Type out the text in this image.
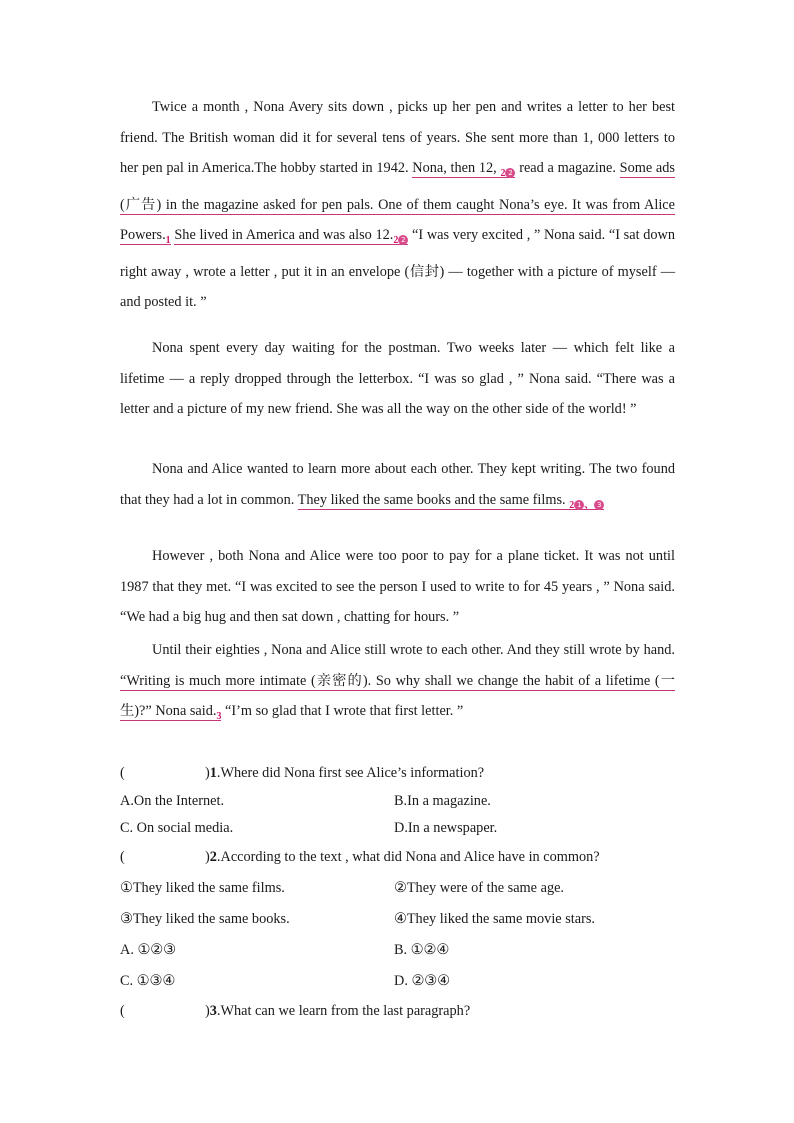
Twice a month , Nona Avery sits down , picks up her pen and writes a letter to her best friend. The British woman did it for several tens of years. She sent more than 1, 000 letters to her pen pal in America.The hobby started in 1942. Nona, then 12, $_2$ 2 read a magazine. Some ads (广告) in the magazine asked for pen pals. One of them caught Nona’s eye. It was from Alice $Powers._1$ She lived in America and was also $12._2$ 2 “I was very excited , ” Nona said. “I sat down right away , wrote a letter , put it in an envelope (信封) — together with a picture of myself — and posted it. ”

Nona spent every day waiting for the postman. Two weeks later — which felt like a lifetime — a reply dropped through the letterbox. “I was so glad , ” Nona said. “There was a letter and a picture of my new friend. She was all the way on the other side of the world! ”

Nona and Alice wanted to learn more about each other. They kept writing. The two found that they had a lot in common. They liked the same books and the same films. $_2$ 1 $_、$ 3

However , both Nona and Alice were too poor to pay for a plane ticket. It was not until 1987 that they met. “I was excited to see the person I used to write to for 45 years , ” Nona said. “We had a big hug and then sat down , chatting for hours. ”

Until their eighties , Nona and Alice still wrote to each other. And they still wrote by hand. “Writing is much more intimate (亲密的). So why shall we change the habit of a lifetime (一生)?” Nona $said._3$ “I’m so glad that I wrote that first letter. ”

(	)1.Where did Nona first see Alice’s information?
A.On the Internet.	B.In a magazine.
C. On social media.	D.In a newspaper.
(	)2.According to the text , what did Nona and Alice have in common?
①They liked the same films.	②They were of the same age.
③They liked the same books.	④They liked the same movie stars.
A. ①②③	B. ①②④
C. ①③④	D. ②③④
(	)3.What can we learn from the last paragraph?
